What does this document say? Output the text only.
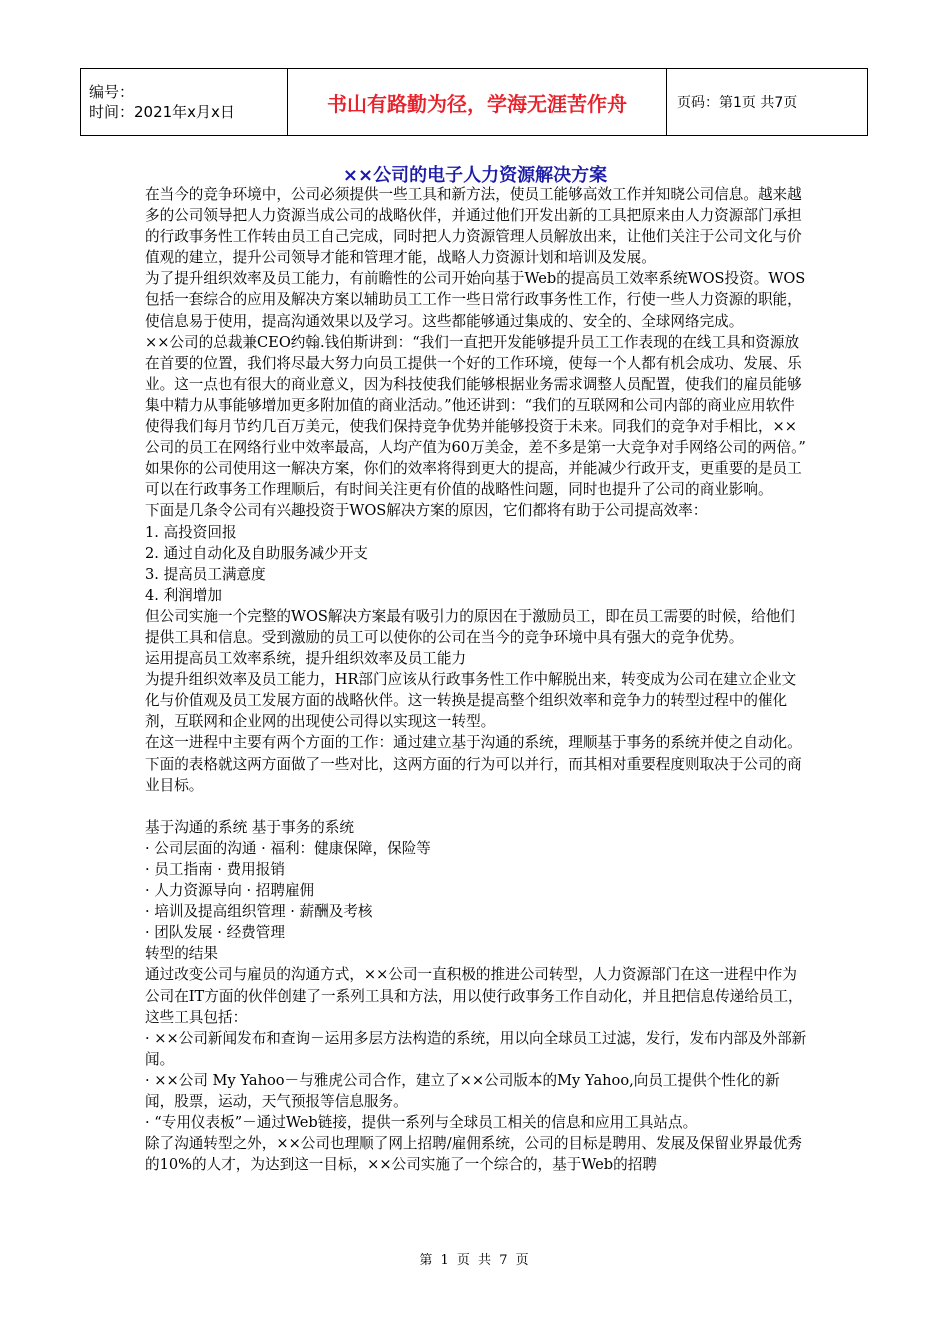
编号：
时间：2021年x月x日	书山有路勤为径，学海无涯苦作舟	页码：第1页 共7页
××公司的电子人力资源解决方案

在当今的竞争环境中，公司必须提供一些工具和新方法，使员工能够高效工作并知晓公司信息。越来越多的公司领导把人力资源当成公司的战略伙伴，并通过他们开发出新的工具把原来由人力资源部门承担的行政事务性工作转由员工自己完成，同时把人力资源管理人员解放出来，让他们关注于公司文化与价值观的建立，提升公司领导才能和管理才能，战略人力资源计划和培训及发展。

为了提升组织效率及员工能力，有前瞻性的公司开始向基于Web的提高员工效率系统WOS投资。WOS包括一套综合的应用及解决方案以辅助员工工作一些日常行政事务性工作，行使一些人力资源的职能，使信息易于使用，提高沟通效果以及学习。这些都能够通过集成的、安全的、全球网络完成。

××公司的总裁兼CEO约翰.钱伯斯讲到：“我们一直把开发能够提升员工工作表现的在线工具和资源放在首要的位置，我们将尽最大努力向员工提供一个好的工作环境，使每一个人都有机会成功、发展、乐业。这一点也有很大的商业意义，因为科技使我们能够根据业务需求调整人员配置，使我们的雇员能够集中精力从事能够增加更多附加值的商业活动。”他还讲到：“我们的互联网和公司内部的商业应用软件使得我们每月节约几百万美元，使我们保持竞争优势并能够投资于未来。同我们的竞争对手相比，××公司的员工在网络行业中效率最高，人均产值为60万美金，差不多是第一大竞争对手网络公司的两倍。”

如果你的公司使用这一解决方案，你们的效率将得到更大的提高，并能减少行政开支，更重要的是员工可以在行政事务工作理顺后，有时间关注更有价值的战略性问题，同时也提升了公司的商业影响。

下面是几条令公司有兴趣投资于WOS解决方案的原因，它们都将有助于公司提高效率：

1. 高投资回报

2. 通过自动化及自助服务减少开支

3. 提高员工满意度

4. 利润增加

但公司实施一个完整的WOS解决方案最有吸引力的原因在于激励员工，即在员工需要的时候，给他们提供工具和信息。受到激励的员工可以使你的公司在当今的竞争环境中具有强大的竞争优势。

运用提高员工效率系统，提升组织效率及员工能力

为提升组织效率及员工能力，HR部门应该从行政事务性工作中解脱出来，转变成为公司在建立企业文化与价值观及员工发展方面的战略伙伴。这一转换是提高整个组织效率和竞争力的转型过程中的催化剂，互联网和企业网的出现使公司得以实现这一转型。

在这一进程中主要有两个方面的工作：通过建立基于沟通的系统，理顺基于事务的系统并使之自动化。下面的表格就这两方面做了一些对比，这两方面的行为可以并行，而其相对重要程度则取决于公司的商业目标。

基于沟通的系统 基于事务的系统

· 公司层面的沟通 · 福利：健康保障，保险等

· 员工指南 · 费用报销

· 人力资源导向 · 招聘雇佣

· 培训及提高组织管理 · 薪酬及考核

· 团队发展 · 经费管理

转型的结果

通过改变公司与雇员的沟通方式，××公司一直积极的推进公司转型，人力资源部门在这一进程中作为公司在IT方面的伙伴创建了一系列工具和方法，用以使行政事务工作自动化，并且把信息传递给员工，这些工具包括：

· ××公司新闻发布和查询－运用多层方法构造的系统，用以向全球员工过滤，发行，发布内部及外部新闻。

· ××公司 My Yahoo－与雅虎公司合作，建立了××公司版本的My Yahoo,向员工提供个性化的新闻，股票，运动，天气预报等信息服务。

· “专用仪表板”－通过Web链接，提供一系列与全球员工相关的信息和应用工具站点。

除了沟通转型之外，××公司也理顺了网上招聘/雇佣系统，公司的目标是聘用、发展及保留业界最优秀的10%的人才，为达到这一目标，××公司实施了一个综合的，基于Web的招聘

第 1 页 共 7 页
